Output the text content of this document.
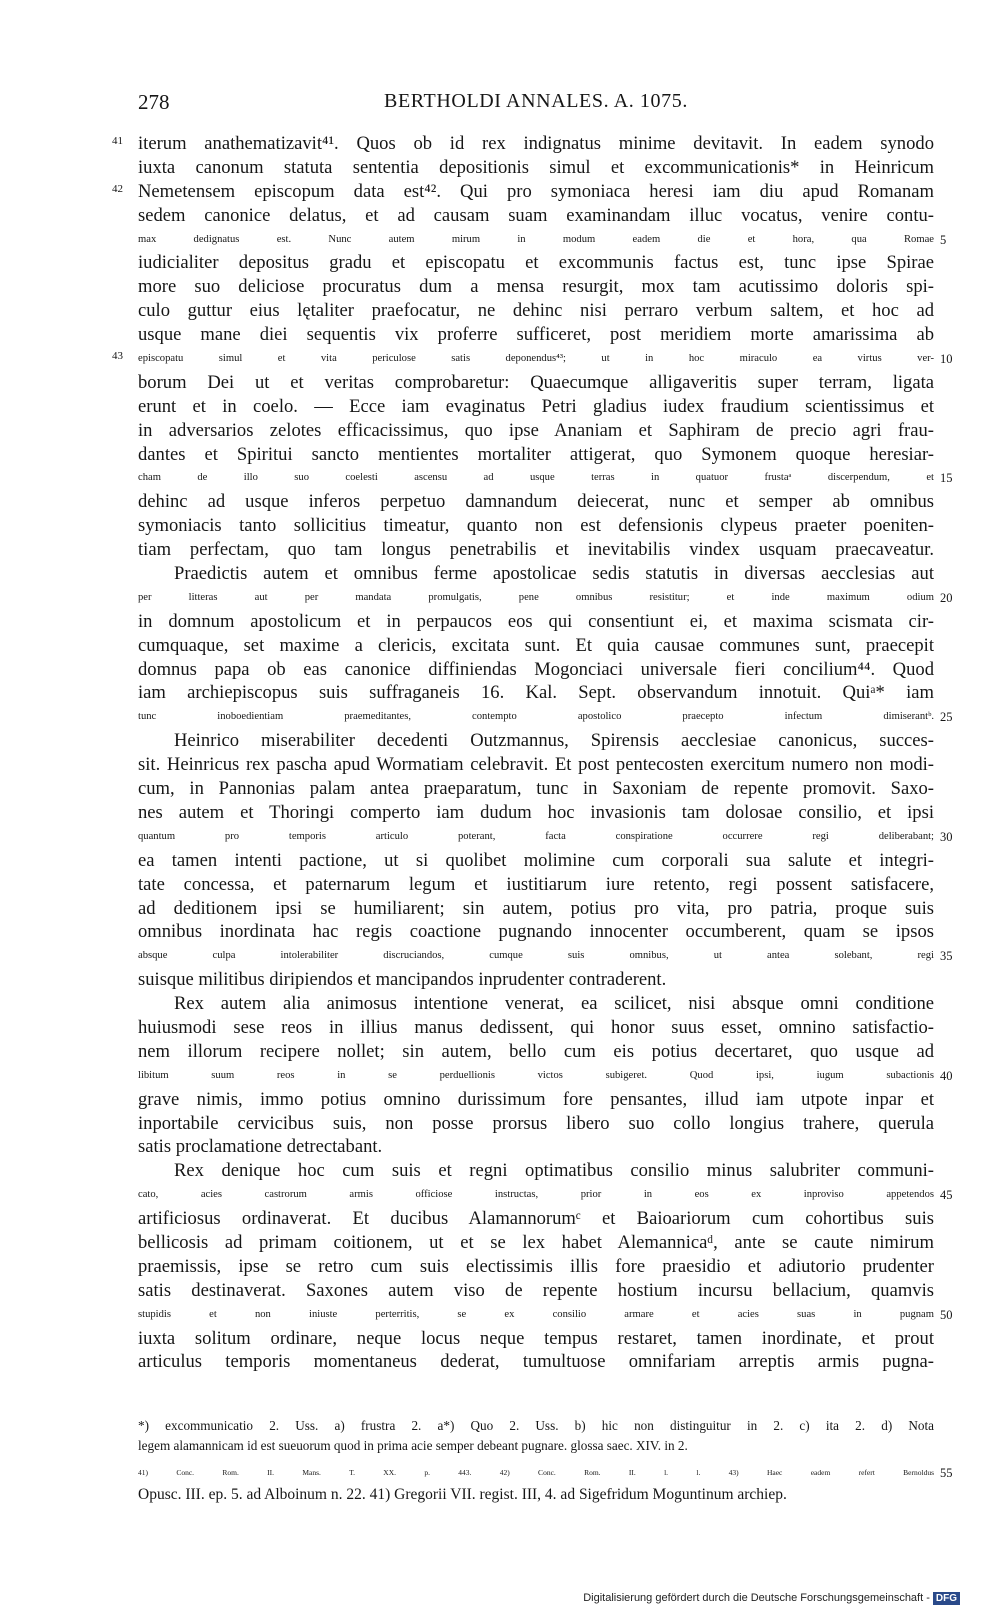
278	BERTHOLDI ANNALES. A. 1075.
41 iterum anathematizavit⁴¹. Quos ob id rex indignatus minime devitavit. In eadem synodo
iuxta canonum statuta sententia depositionis simul et excommunicationis* in Heinricum
42 Nemetensem episcopum data est⁴². Qui pro symoniaca heresi iam diu apud Romanam
sedem canonice delatus, et ad causam suam examinandam illuc vocatus, venire contu-
max dedignatus est. Nunc autem mirum in modum eadem die et hora, qua Romae 5
iudicialiter depositus gradu et episcopatu et excommunis factus est, tunc ipse Spirae
more suo deliciose procuratus dum a mensa resurgit, mox tam acutissimo doloris spi-
culo guttur eius lętaliter praefocatur, ne dehinc nisi perraro verbum saltem, et hoc ad
usque mane diei sequentis vix proferre sufficeret, post meridiem morte amarissima ab
43	episcopatu simul et vita periculose satis deponendus⁴³; ut in hoc miraculo ea virtus ver- 10
borum Dei ut et veritas comprobaretur: Quaecumque alligaveritis super terram, ligata
erunt et in coelo. — Ecce iam evaginatus Petri gladius iudex fraudium scientissimus et
in adversarios zelotes efficacissimus, quo ipse Ananiam et Saphiram de precio agri frau-
dantes et Spiritui sancto mentientes mortaliter attigerat, quo Symonem quoque heresiar-
cham de illo suo coelesti ascensu ad usque terras in quatuor frustaᵃ discerpendum, et 15
dehinc ad usque inferos perpetuo damnandum deiecerat, nunc et semper ab omnibus
symoniacis tanto sollicitius timeatur, quanto non est defensionis clypeus praeter poeniten-
tiam perfectam, quo tam longus penetrabilis et inevitabilis vindex usquam praecaveatur.
Praedictis autem et omnibus ferme apostolicae sedis statutis in diversas aecclesias aut
per litteras aut per mandata promulgatis, pene omnibus resistitur; et inde maximum odium 20
in domnum apostolicum et in perpaucos eos qui consentiunt ei, et maxima scismata cir-
cumquaque, set maxime a clericis, excitata sunt. Et quia causae communes sunt, praecepit
domnus papa ob eas canonice diffiniendas Mogonciaci universale fieri concilium⁴⁴. Quod
iam archiepiscopus suis suffraganeis 16. Kal. Sept. observandum innotuit. Quiᵃ* iam
tunc inoboedientiam praemeditantes, contempto apostolico praecepto infectum dimiserantᵇ. 25
Heinrico miserabiliter decedenti Outzmannus, Spirensis aecclesiae canonicus, succes-
sit. Heinricus rex pascha apud Wormatiam celebravit. Et post pentecosten exercitum numero non modi-
cum, in Pannonias palam antea praeparatum, tunc in Saxoniam de repente promovit. Saxo-
nes autem et Thoringi comperto iam dudum hoc invasionis tam dolosae consilio, et ipsi
quantum pro temporis articulo poterant, facta conspiratione occurrere regi deliberabant; 30
ea tamen intenti pactione, ut si quolibet molimine cum corporali sua salute et integri-
tate concessa, et paternarum legum et iustitiarum iure retento, regi possent satisfacere,
ad deditionem ipsi se humiliarent; sin autem, potius pro vita, pro patria, proque suis
omnibus inordinata hac regis coactione pugnando innocenter occumberent, quam se ipsos
absque culpa intolerabiliter discruciandos, cumque suis omnibus, ut antea solebant, regi 35
suisque militibus diripiendos et mancipandos inprudenter contraderent.
Rex autem alia animosus intentione venerat, ea scilicet, nisi absque omni conditione
huiusmodi sese reos in illius manus dedissent, qui honor suus esset, omnino satisfactio-
nem illorum recipere nollet; sin autem, bello cum eis potius decertaret, quo usque ad
libitum suum reos in se perduellionis victos subigeret. Quod ipsi, iugum subactionis 40
grave nimis, immo potius omnino durissimum fore pensantes, illud iam utpote inpar et
inportabile cervicibus suis, non posse prorsus libero suo collo longius trahere, querula
satis proclamatione detrectabant.
Rex denique hoc cum suis et regni optimatibus consilio minus salubriter communi-
cato, acies castrorum armis officiose instructas, prior in eos ex inproviso appetendos 45
artificiosus ordinaverat. Et ducibus Alamannorumᶜ et Baioariorum cum cohortibus suis
bellicosis ad primam coitionem, ut et se lex habet Alemannicaᵈ, ante se caute nimirum
praemissis, ipse se retro cum suis electissimis illis fore praesidio et adiutorio prudenter
satis destinaverat. Saxones autem viso de repente hostium incursu bellacium, quamvis
stupidis et non iniuste perterritis, se ex consilio armare et acies suas in pugnam 50
iuxta solitum ordinare, neque locus neque tempus restaret, tamen inordinate, et prout
articulus temporis momentaneus dederat, tumultuose omnifariam arreptis armis pugna-
*) excommunicatio 2. Uss. a) frustra 2. a*) Quo 2. Uss. b) hic non distinguitur in 2. c) ita 2. d) Nota
legem alamannicam id est sueuorum quod in prima acie semper debeant pugnare. glossa saec. XIV. in 2.
41) Conc. Rom. II. Mans. T. XX. p. 443. 42) Conc. Rom. II. l. l. 43) Haec eadem refert Bernoldus 55
Opusc. III. ep. 5. ad Alboinum n. 22. 41) Gregorii VII. regist. III, 4. ad Sigefridum Moguntinum archiep.
Digitalisierung gefördert durch die Deutsche Forschungsgemeinschaft - DFG
